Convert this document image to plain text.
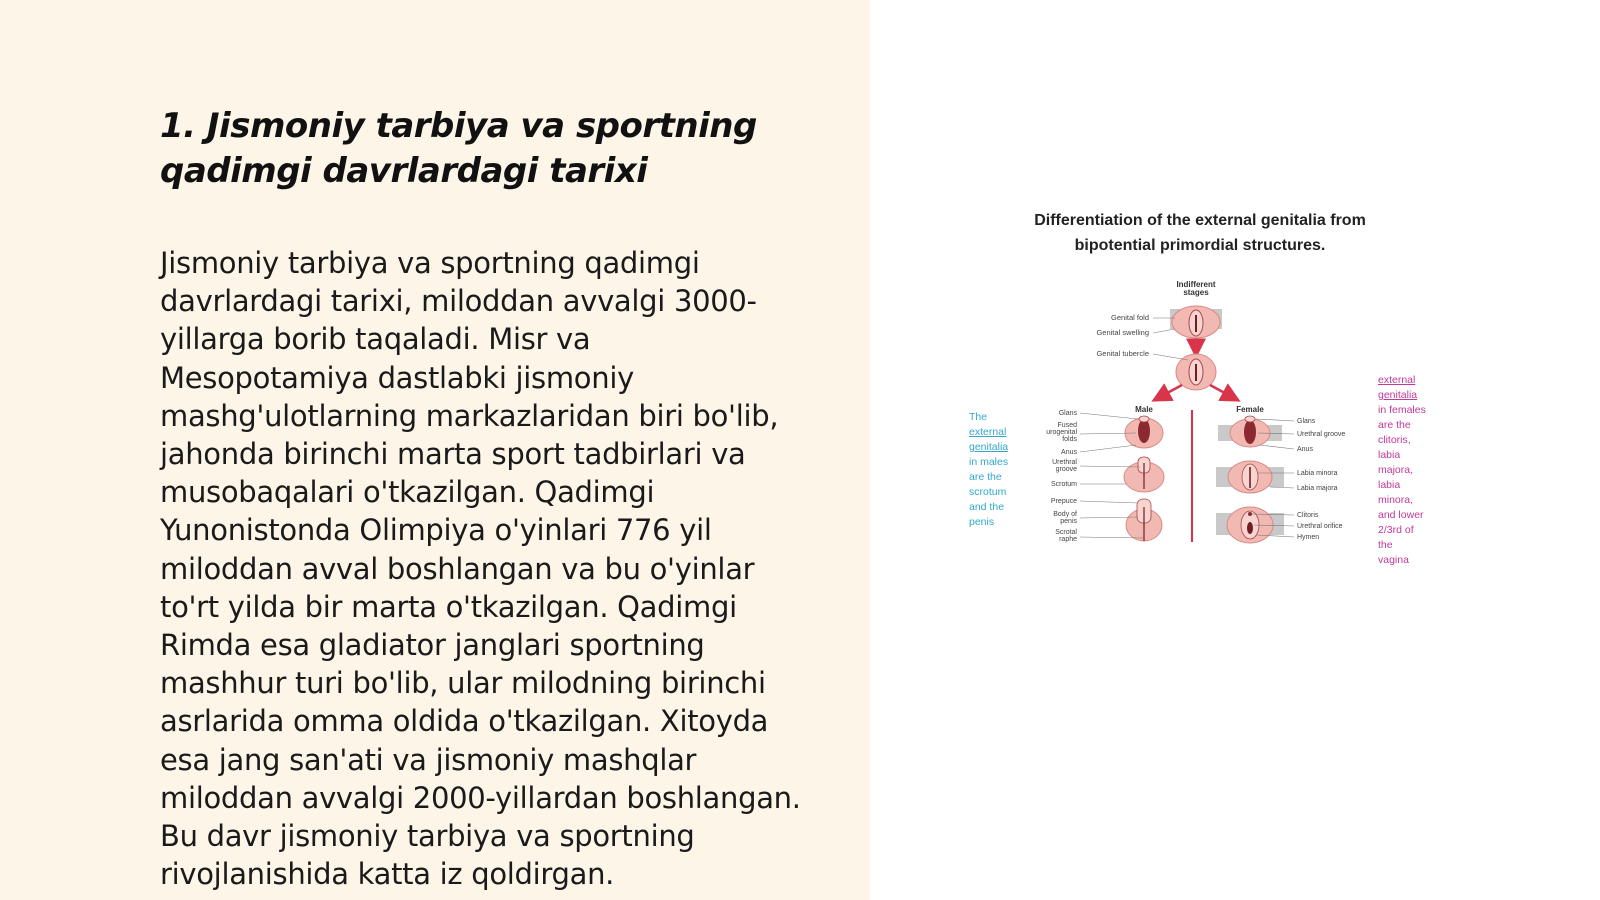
1. Jismoniy tarbiya va sportning
qadimgi davrlardagi tarixi

Jismoniy tarbiya va sportning qadimgi
davrlardagi tarixi, miloddan avvalgi 3000-
yillarga borib taqaladi. Misr va
Mesopotamiya dastlabki jismoniy
mashg'ulotlarning markazlaridan biri bo'lib,
jahonda birinchi marta sport tadbirlari va
musobaqalari o'tkazilgan. Qadimgi
Yunonistonda Olimpiya o'yinlari 776 yil
miloddan avval boshlangan va bu o'yinlar
to'rt yilda bir marta o'tkazilgan. Qadimgi
Rimda esa gladiator janglari sportning
mashhur turi bo'lib, ular milodning birinchi
asrlarida omma oldida o'tkazilgan. Xitoyda
esa jang san'ati va jismoniy mashqlar
miloddan avvalgi 2000-yillardan boshlangan.
Bu davr jismoniy tarbiya va sportning
rivojlanishida katta iz qoldirgan.

Differentiation of the external genitalia from
bipotential primordial structures.
Indifferent
stages
Genital fold
Genital swelling
Genital tubercle
Male	Female
Glans
Fused
urogenital
folds
Anus
Urethral
groove
Scrotum
Prepuce
Body of
penis
Scrotal
raphe
Glans
Urethral groove
Anus
Labia minora
Labia majora
Clitoris
Urethral orifice
Hymen

The
external
genitalia
in males
are the
scrotum
and the
penis

external
genitalia
in females
are the
clitoris,
labia
majora,
labia
minora,
and lower
2/3rd of
the
vagina
